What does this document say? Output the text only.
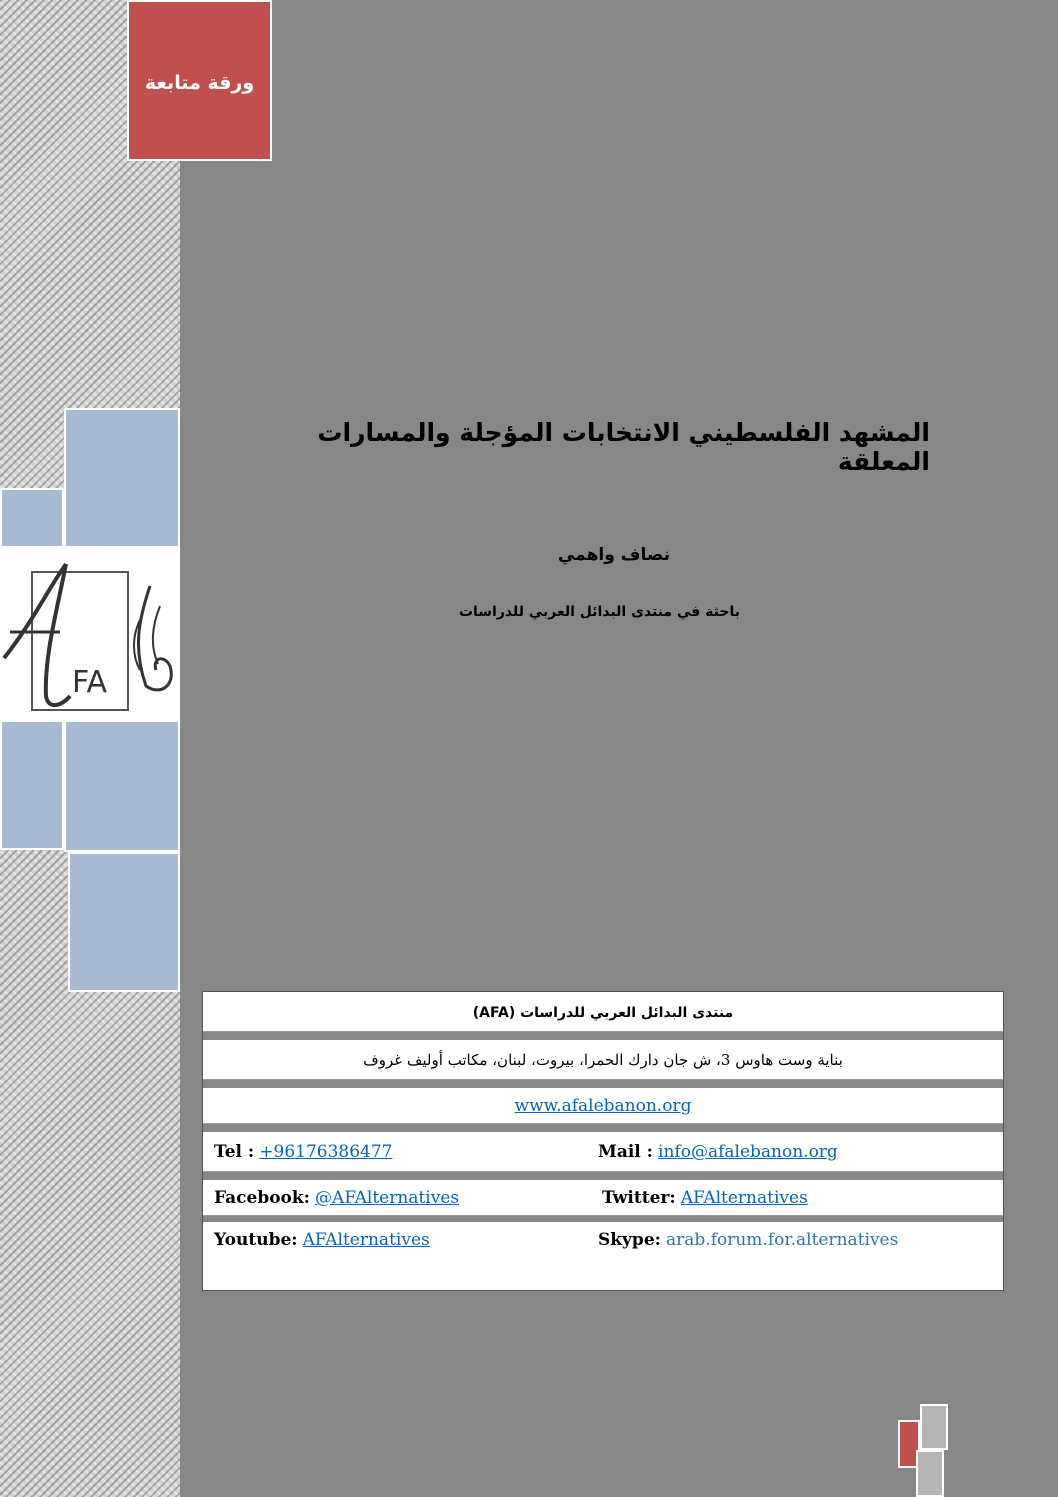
ورقة متابعة
FA
المشهد الفلسطيني الانتخابات المؤجلة والمسارات المعلقة
نصاف واهمي
باحثة في منتدى البدائل العربي للدراسات
منتدى البدائل العربي للدراسات (AFA)
بناية وست هاوس 3، ش جان دارك الحمرا، بيروت، لبنان، مكاتب أوليف غروف
www.afalebanon.org
Tel : +96176386477	Mail : info@afalebanon.org
Facebook: @AFAlternatives	Twitter: AFAlternatives
Youtube: AFAlternatives	Skype: arab.forum.for.alternatives
